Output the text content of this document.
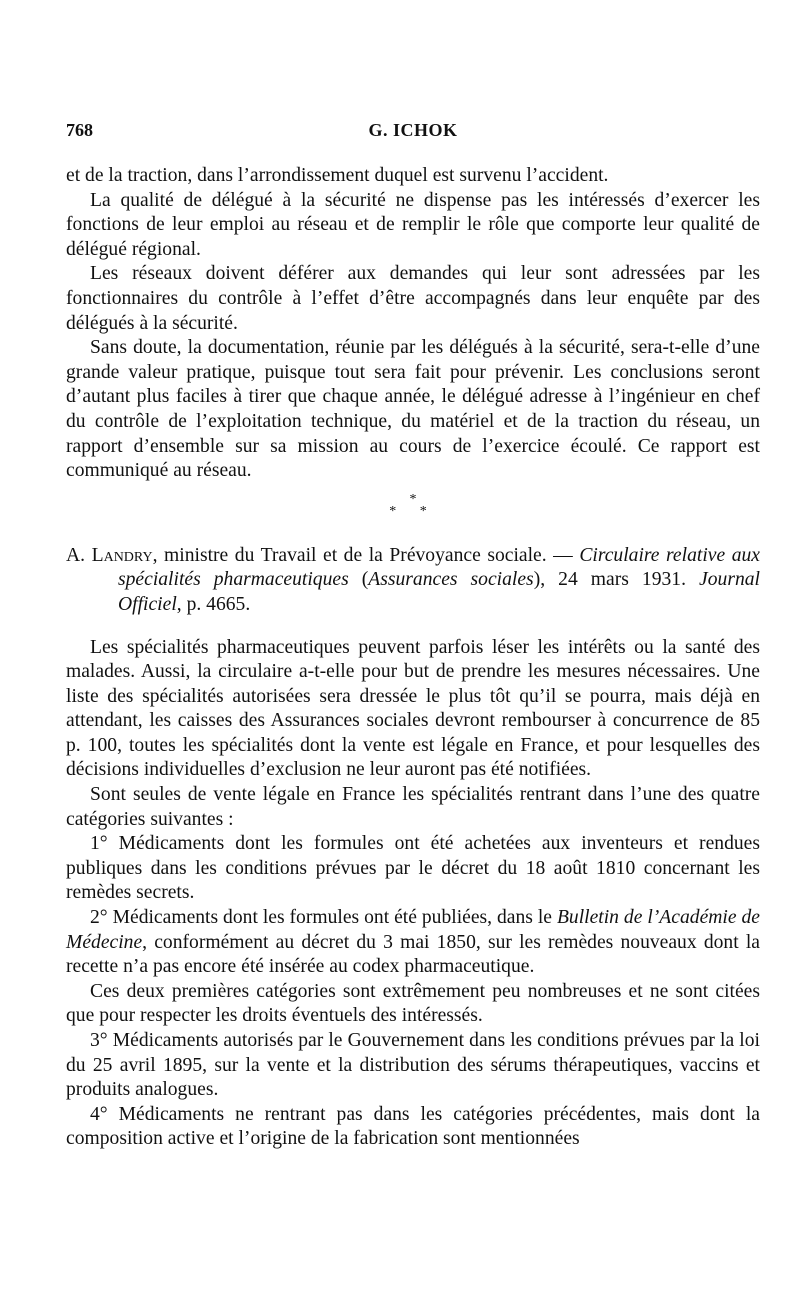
768	G. ICHOK

et de la traction, dans l’arrondissement duquel est survenu l’accident.

La qualité de délégué à la sécurité ne dispense pas les intéressés d’exercer les fonctions de leur emploi au réseau et de remplir le rôle que comporte leur qualité de délégué régional.

Les réseaux doivent déférer aux demandes qui leur sont adressées par les fonctionnaires du contrôle à l’effet d’être accompagnés dans leur enquête par des délégués à la sécurité.

Sans doute, la documentation, réunie par les délégués à la sécurité, sera-t-elle d’une grande valeur pratique, puisque tout sera fait pour prévenir. Les conclusions seront d’autant plus faciles à tirer que chaque année, le délégué adresse à l’ingénieur en chef du contrôle de l’exploitation technique, du matériel et de la traction du réseau, un rapport d’ensemble sur sa mission au cours de l’exercice écoulé. Ce rapport est communiqué au réseau.

*
* *

A. Landry, ministre du Travail et de la Prévoyance sociale. — Circulaire relative aux spécialités pharmaceutiques (Assurances sociales), 24 mars 1931. Journal Officiel, p. 4665.

Les spécialités pharmaceutiques peuvent parfois léser les intérêts ou la santé des malades. Aussi, la circulaire a-t-elle pour but de prendre les mesures nécessaires. Une liste des spécialités autorisées sera dressée le plus tôt qu’il se pourra, mais déjà en attendant, les caisses des Assurances sociales devront rembourser à concurrence de 85 p. 100, toutes les spécialités dont la vente est légale en France, et pour lesquelles des décisions individuelles d’exclusion ne leur auront pas été notifiées.

Sont seules de vente légale en France les spécialités rentrant dans l’une des quatre catégories suivantes :

1° Médicaments dont les formules ont été achetées aux inventeurs et rendues publiques dans les conditions prévues par le décret du 18 août 1810 concernant les remèdes secrets.

2° Médicaments dont les formules ont été publiées, dans le Bulletin de l’Académie de Médecine, conformément au décret du 3 mai 1850, sur les remèdes nouveaux dont la recette n’a pas encore été insérée au codex pharmaceutique.

Ces deux premières catégories sont extrêmement peu nombreuses et ne sont citées que pour respecter les droits éventuels des intéressés.

3° Médicaments autorisés par le Gouvernement dans les conditions prévues par la loi du 25 avril 1895, sur la vente et la distribution des sérums thérapeutiques, vaccins et produits analogues.

4° Médicaments ne rentrant pas dans les catégories précédentes, mais dont la composition active et l’origine de la fabrication sont mentionnées
